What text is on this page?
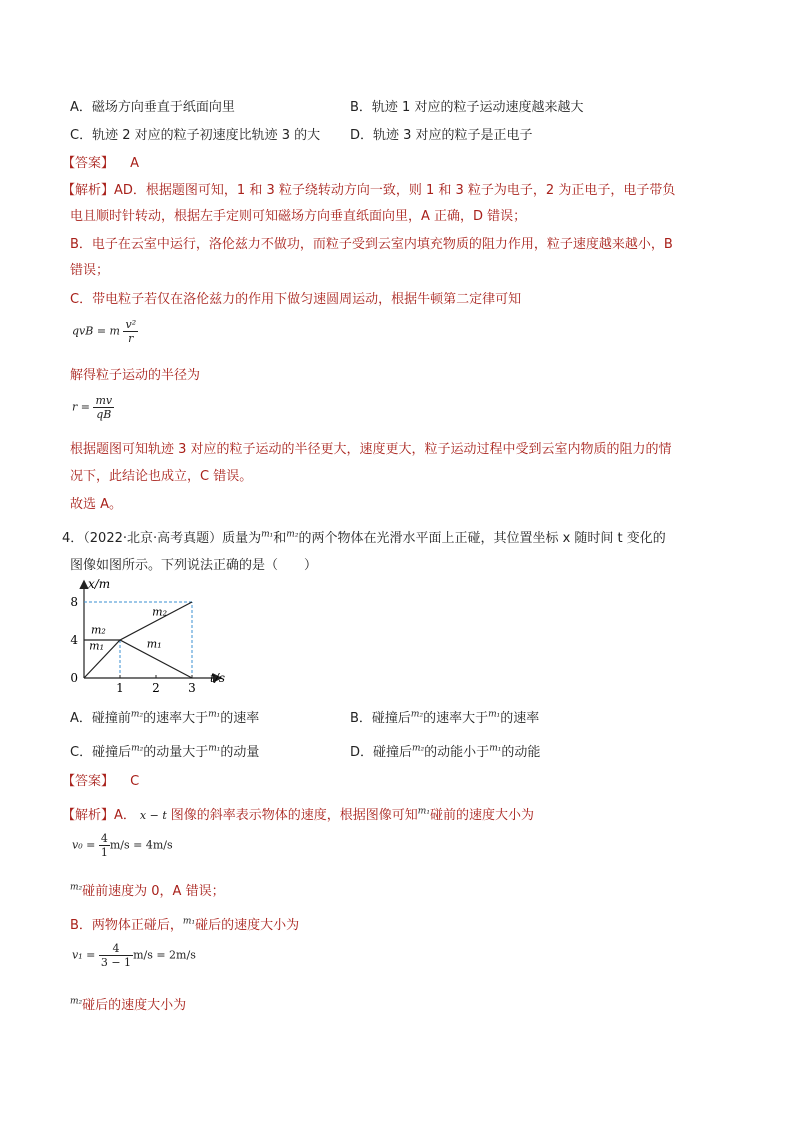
A．磁场方向垂直于纸面向里	B．轨迹 1 对应的粒子运动速度越来越大
C．轨迹 2 对应的粒子初速度比轨迹 3 的大 D．轨迹 3 对应的粒子是正电子
【答案】 A
【解析】AD．根据题图可知，1 和 3 粒子绕转动方向一致，则 1 和 3 粒子为电子，2 为正电子，电子带负
电且顺时针转动，根据左手定则可知磁场方向垂直纸面向里，A 正确，D 错误；
B．电子在云室中运行，洛伦兹力不做功，而粒子受到云室内填充物质的阻力作用，粒子速度越来越小，B
错误；
C．带电粒子若仅在洛伦兹力的作用下做匀速圆周运动，根据牛顿第二定律可知
qvB = m $\frac{\text{v²}}{r}$
解得粒子运动的半径为
$r = \frac{mv}{qB}$
根据题图可知轨迹 3 对应的粒子运动的半径更大，速度更大，粒子运动过程中受到云室内物质的阻力的情
况下，此结论也成立，C 错误。
故选 A。
4．（2022·北京·高考真题）质量为$^{m_1}$和$^{m_2}$的两个物体在光滑水平面上正碰，其位置坐标 x 随时间 t 变化的
图像如图所示。下列说法正确的是（　　）
1 2 3
4
8
0
x/m
t/s
m₂
m₁
m₂
m₁
A．碰撞前$^{m_2}$的速率大于$^{m_1}$的速率	B．碰撞后$^{m_2}$的速率大于$^{m_1}$的速率
C．碰撞后$^{m_2}$的动量大于$^{m_1}$的动量	D．碰撞后$^{m_2}$的动能小于$^{m_1}$的动能
【答案】 C
【解析】A． x − t 图像的斜率表示物体的速度，根据图像可知$^{m_1}$碰前的速度大小为
$v_0 = \frac{4}{1} m/s = 4m/s$
$^{m_2}$碰前速度为 0，A 错误；
B．两物体正碰后，$^{m_1}$碰后的速度大小为
$v_1 = \frac{4}{3 - 1} m/s = 2m/s$
$^{m_2}$碰后的速度大小为
